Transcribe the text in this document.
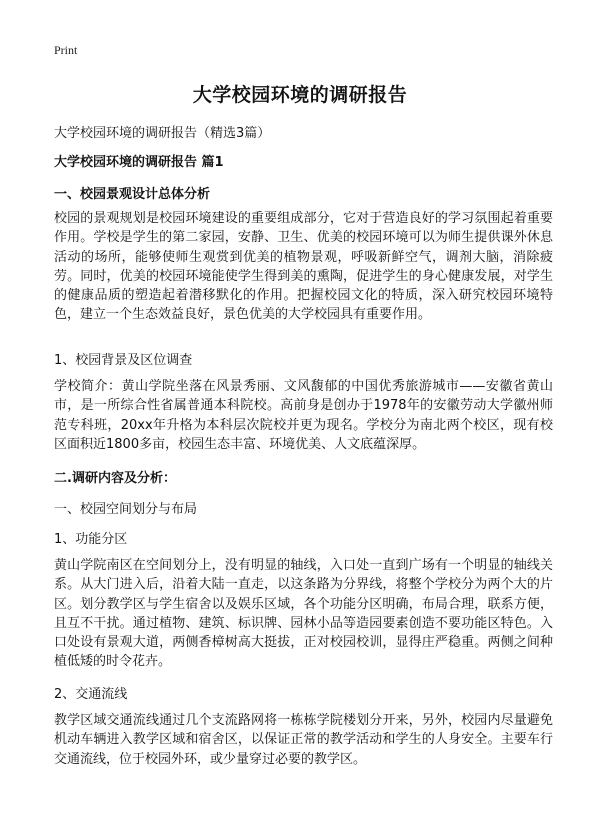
Print
大学校园环境的调研报告
大学校园环境的调研报告（精选3篇）
大学校园环境的调研报告 篇1
一、校园景观设计总体分析
校园的景观规划是校园环境建设的重要组成部分，它对于营造良好的学习氛围起着重要作用。学校是学生的第二家园，安静、卫生、优美的校园环境可以为师生提供课外休息活动的场所，能够使师生观赏到优美的植物景观，呼吸新鲜空气，调剂大脑，消除疲劳。同时，优美的校园环境能使学生得到美的熏陶，促进学生的身心健康发展，对学生的健康品质的塑造起着潜移默化的作用。把握校园文化的特质，深入研究校园环境特色，建立一个生态效益良好，景色优美的大学校园具有重要作用。
1、校园背景及区位调查
学校简介：黄山学院坐落在风景秀丽、文风馥郁的中国优秀旅游城市——安徽省黄山市，是一所综合性省属普通本科院校。高前身是创办于1978年的安徽劳动大学徽州师范专科班，20xx年升格为本科层次院校并更为现名。学校分为南北两个校区，现有校区面积近1800多亩，校园生态丰富、环境优美、人文底蕴深厚。
二.调研内容及分析：
一、校园空间划分与布局
1、功能分区
黄山学院南区在空间划分上，没有明显的轴线，入口处一直到广场有一个明显的轴线关系。从大门进入后，沿着大陆一直走，以这条路为分界线，将整个学校分为两个大的片区。划分教学区与学生宿舍以及娱乐区域，各个功能分区明确，布局合理，联系方便，且互不干扰。通过植物、建筑、标识牌、园林小品等造园要素创造不要功能区特色。入口处设有景观大道，两侧香樟树高大挺拔，正对校园校训，显得庄严稳重。两侧之间种植低矮的时令花卉。
2、交通流线
教学区域交通流线通过几个支流路网将一栋栋学院楼划分开来，另外，校园内尽量避免机动车辆进入教学区域和宿舍区，以保证正常的教学活动和学生的人身安全。主要车行交通流线，位于校园外环，或少量穿过必要的教学区。
